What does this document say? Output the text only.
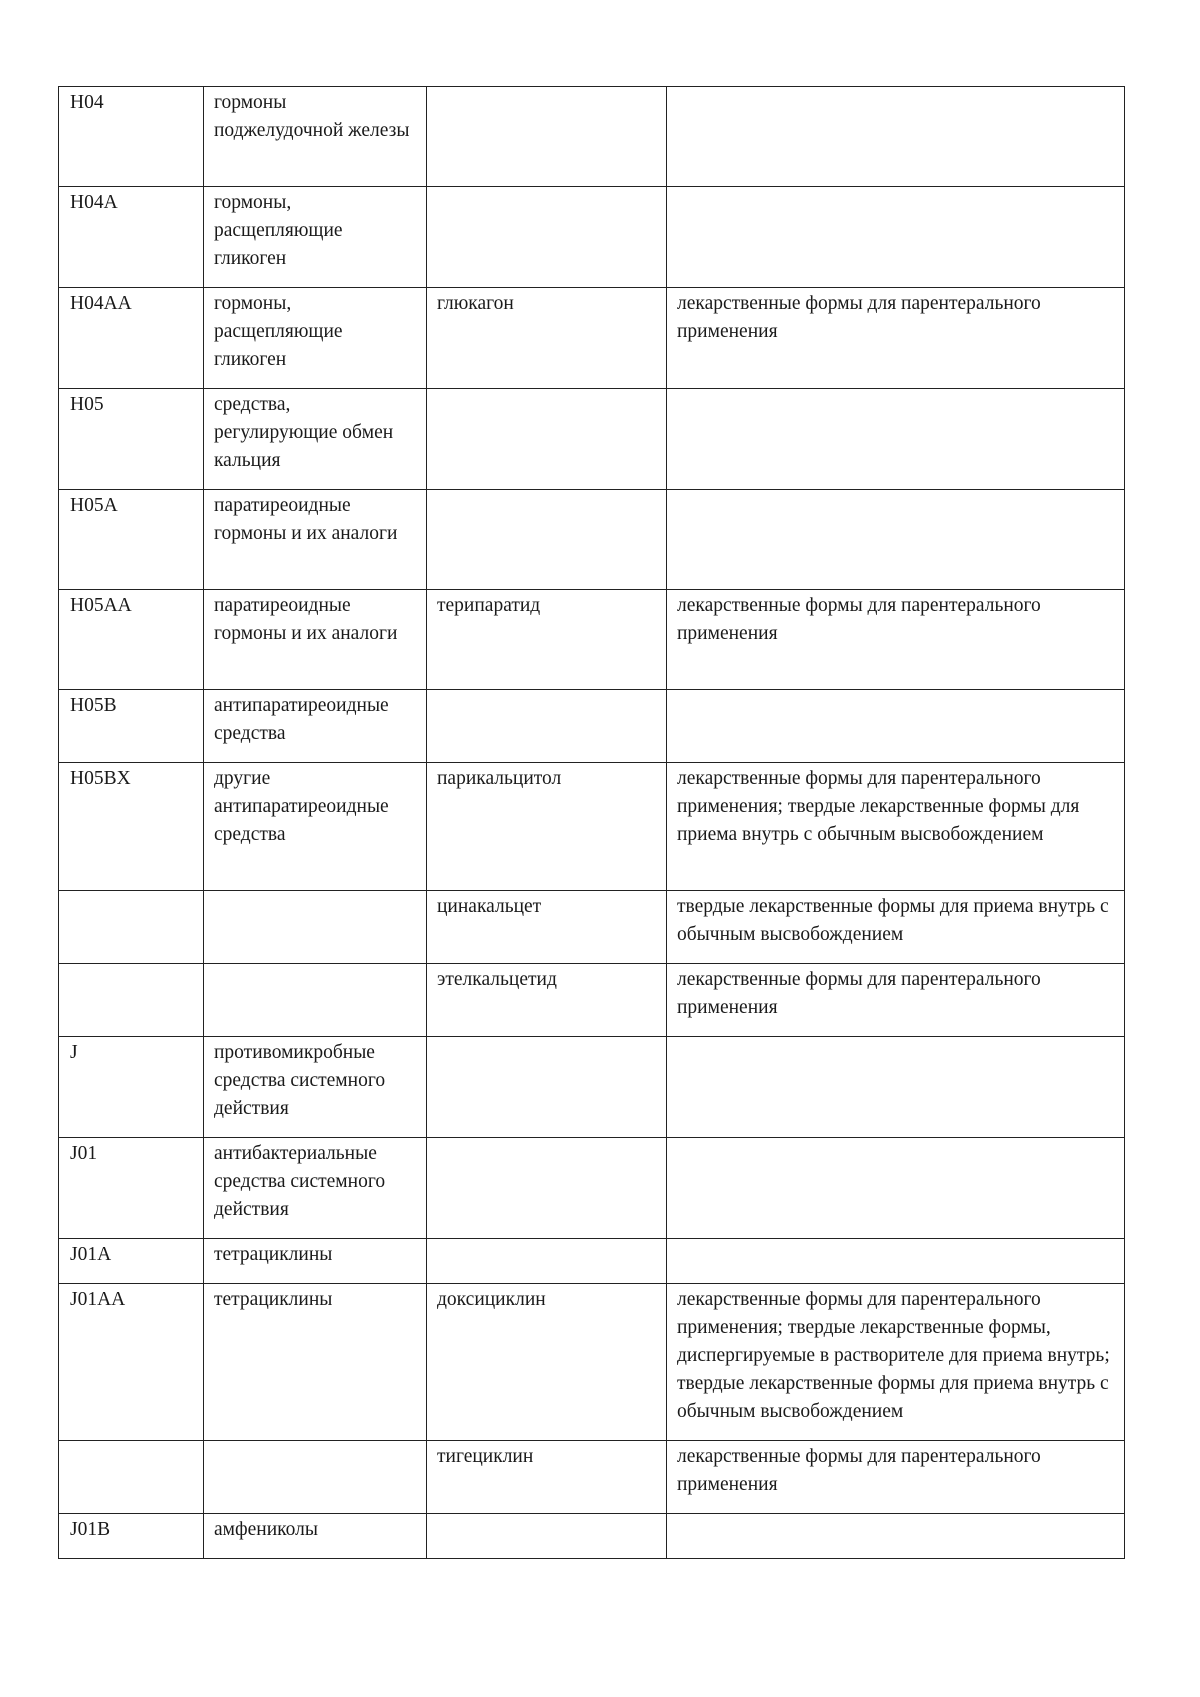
H04	гормоны поджелудочной железы		
H04A	гормоны, расщепляющие гликоген		
H04AA	гормоны, расщепляющие гликоген	глюкагон	лекарственные формы для парентерального применения
H05	средства, регулирующие обмен кальция		
H05A	паратиреоидные гормоны и их аналоги		
H05AA	паратиреоидные гормоны и их аналоги	терипаратид	лекарственные формы для парентерального применения
H05B	антипаратиреоидные средства		
H05BX	другие антипаратиреоидные средства	парикальцитол	лекарственные формы для парентерального применения; твердые лекарственные формы для приема внутрь с обычным высвобождением
		цинакальцет	твердые лекарственные формы для приема внутрь с обычным высвобождением
		этелкальцетид	лекарственные формы для парентерального применения
J	противомикробные средства системного действия		
J01	антибактериальные средства системного действия		
J01A	тетрациклины		
J01AA	тетрациклины	доксициклин	лекарственные формы для парентерального применения; твердые лекарственные формы, диспергируемые в растворителе для приема внутрь; твердые лекарственные формы для приема внутрь с обычным высвобождением
		тигециклин	лекарственные формы для парентерального применения
J01B	амфениколы		
